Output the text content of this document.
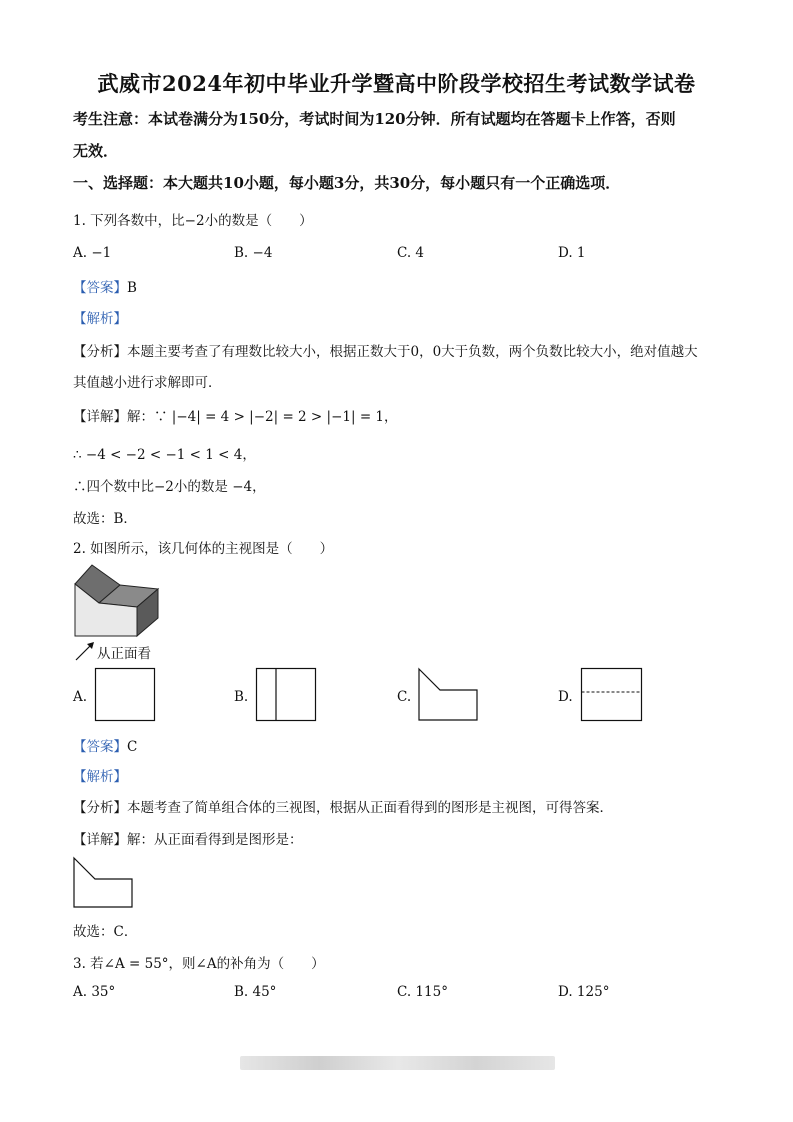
武威市2024年初中毕业升学暨高中阶段学校招生考试数学试卷
考生注意：本试卷满分为150分，考试时间为120分钟．所有试题均在答题卡上作答，否则
无效．
一、选择题：本大题共10小题，每小题3分，共30分，每小题只有一个正确选项．
1. 下列各数中，比−2小的数是（　　）
A. −1	B. −4	C. 4	D. 1
【答案】B
【解析】
【分析】本题主要考查了有理数比较大小，根据正数大于0，0大于负数，两个负数比较大小，绝对值越大
其值越小进行求解即可．
【详解】解：∵ |−4| = 4 > |−2| = 2 > |−1| = 1，
∴ −4 < −2 < −1 < 1 < 4，
∴四个数中比−2小的数是 −4，
故选：B．
2. 如图所示，该几何体的主视图是（　　）
从正面看
A.	B.	C.	D.
【答案】C
【解析】
【分析】本题考查了简单组合体的三视图，根据从正面看得到的图形是主视图，可得答案．
【详解】解：从正面看得到是图形是：
故选：C．
3. 若∠A = 55°，则∠A的补角为（　　）
A. 35°	B. 45°	C. 115°	D. 125°
